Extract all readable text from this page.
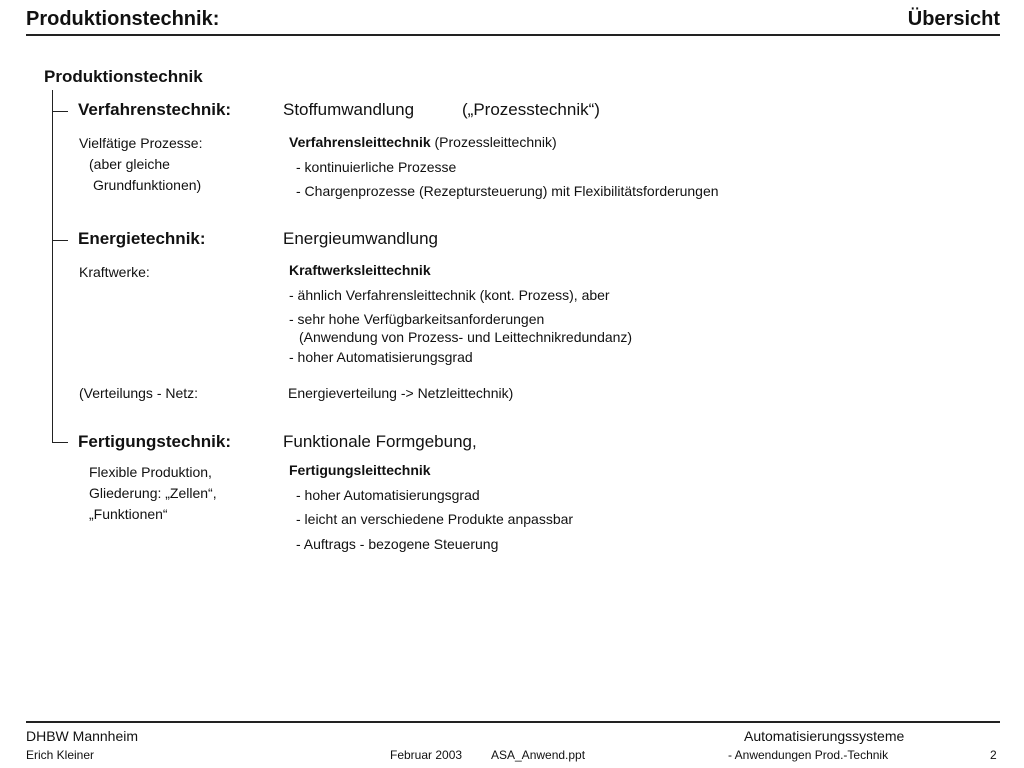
Produktionstechnik:	Übersicht
Produktionstechnik
Verfahrenstechnik:	Stoffumwandlung	(„Prozesstechnik“)
Vielfätige Prozesse:
(aber gleiche
Grundfunktionen)
Verfahrensleittechnik (Prozessleittechnik)
- kontinuierliche Prozesse
- Chargenprozesse (Rezeptursteuerung) mit Flexibilitätsforderungen
Energietechnik:	Energieumwandlung
Kraftwerke:	Kraftwerksleittechnik
- ähnlich Verfahrensleittechnik (kont. Prozess), aber
- sehr hohe Verfügbarkeitsanforderungen
(Anwendung von Prozess- und Leittechnikredundanz)
- hoher Automatisierungsgrad
(Verteilungs - Netz:	Energieverteilung -> Netzleittechnik)
Fertigungstechnik:	Funktionale Formgebung,
Flexible Produktion,
Gliederung: „Zellen“,
„Funktionen“
Fertigungsleittechnik
- hoher Automatisierungsgrad
- leicht an verschiedene Produkte anpassbar
- Auftrags - bezogene Steuerung
DHBW Mannheim
Erich Kleiner	Februar 2003 ASA_Anwend.ppt
Automatisierungssysteme
- Anwendungen Prod.-Technik	2
